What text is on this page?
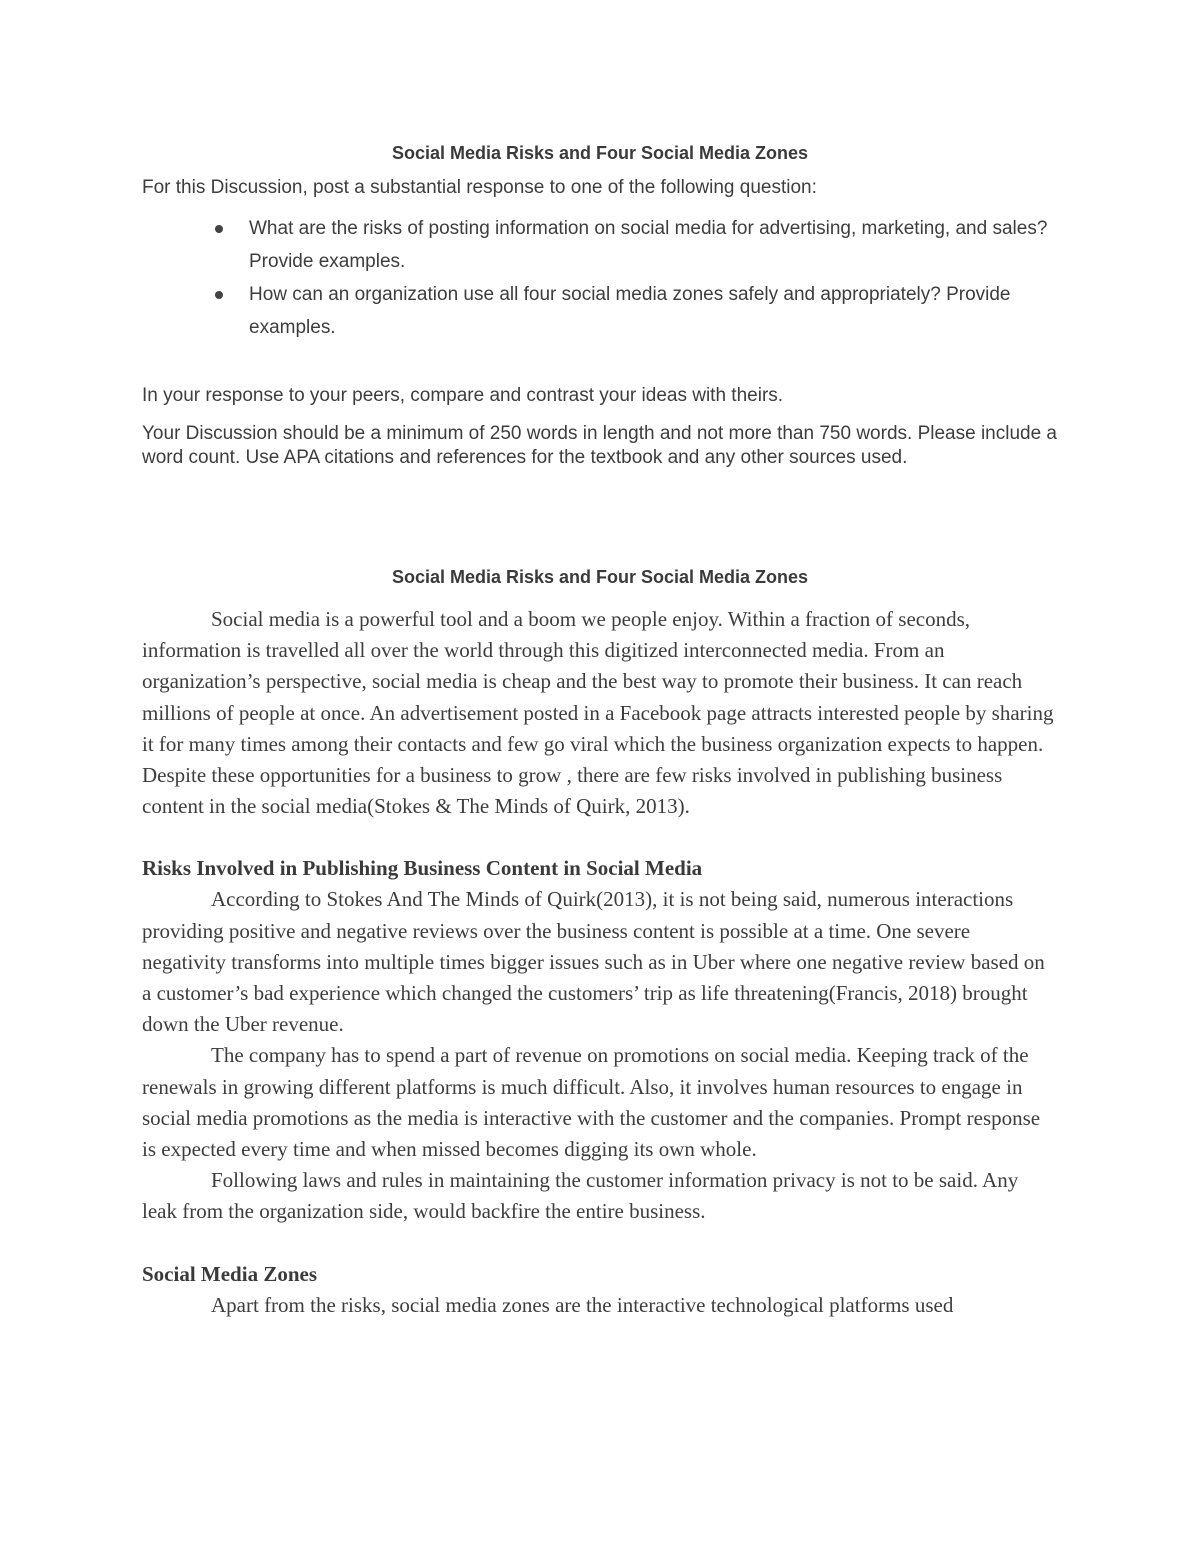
Social Media Risks and Four Social Media Zones

For this Discussion, post a substantial response to one of the following question:

What are the risks of posting information on social media for advertising, marketing, and sales? Provide examples.
How can an organization use all four social media zones safely and appropriately? Provide examples.

In your response to your peers, compare and contrast your ideas with theirs.

Your Discussion should be a minimum of 250 words in length and not more than 750 words. Please include a word count. Use APA citations and references for the textbook and any other sources used.

Social Media Risks and Four Social Media Zones

Social media is a powerful tool and a boom we people enjoy. Within a fraction of seconds, information is travelled all over the world through this digitized interconnected media. From an organization’s perspective, social media is cheap and the best way to promote their business. It can reach millions of people at once. An advertisement posted in a Facebook page attracts interested people by sharing it for many times among their contacts and few go viral which the business organization expects to happen. Despite these opportunities for a business to grow , there are few risks involved in publishing business content in the social media(Stokes & The Minds of Quirk, 2013).

Risks Involved in Publishing Business Content in Social Media

According to Stokes And The Minds of Quirk(2013), it is not being said, numerous interactions providing positive and negative reviews over the business content is possible at a time. One severe negativity transforms into multiple times bigger issues such as in Uber where one negative review based on a customer’s bad experience which changed the customers’ trip as life threatening(Francis, 2018) brought down the Uber revenue.

The company has to spend a part of revenue on promotions on social media. Keeping track of the renewals in growing different platforms is much difficult. Also, it involves human resources to engage in social media promotions as the media is interactive with the customer and the companies. Prompt response is expected every time and when missed becomes digging its own whole.

Following laws and rules in maintaining the customer information privacy is not to be said. Any leak from the organization side, would backfire the entire business.

Social Media Zones

Apart from the risks, social media zones are the interactive technological platforms used
